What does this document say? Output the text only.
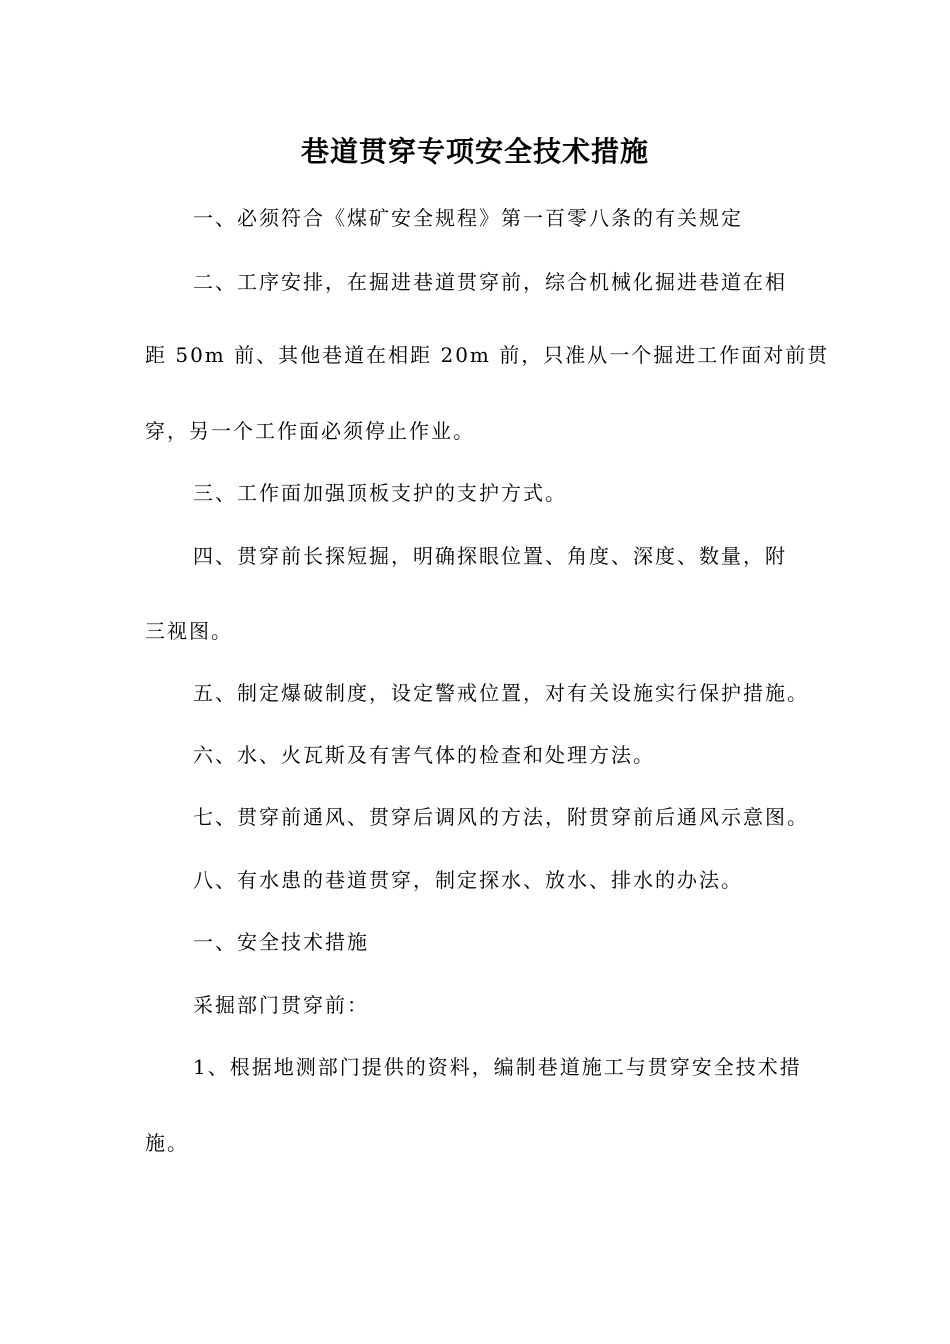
巷道贯穿专项安全技术措施
一、必须符合《煤矿安全规程》第一百零八条的有关规定
二、工序安排，在掘进巷道贯穿前，综合机械化掘进巷道在相
距 50m 前、其他巷道在相距 20m 前，只准从一个掘进工作面对前贯
穿，另一个工作面必须停止作业。
三、工作面加强顶板支护的支护方式。
四、贯穿前长探短掘，明确探眼位置、角度、深度、数量，附
三视图。
五、制定爆破制度，设定警戒位置，对有关设施实行保护措施。
六、水、火瓦斯及有害气体的检查和处理方法。
七、贯穿前通风、贯穿后调风的方法，附贯穿前后通风示意图。
八、有水患的巷道贯穿，制定探水、放水、排水的办法。
一、安全技术措施
采掘部门贯穿前：
1、根据地测部门提供的资料，编制巷道施工与贯穿安全技术措
施。
